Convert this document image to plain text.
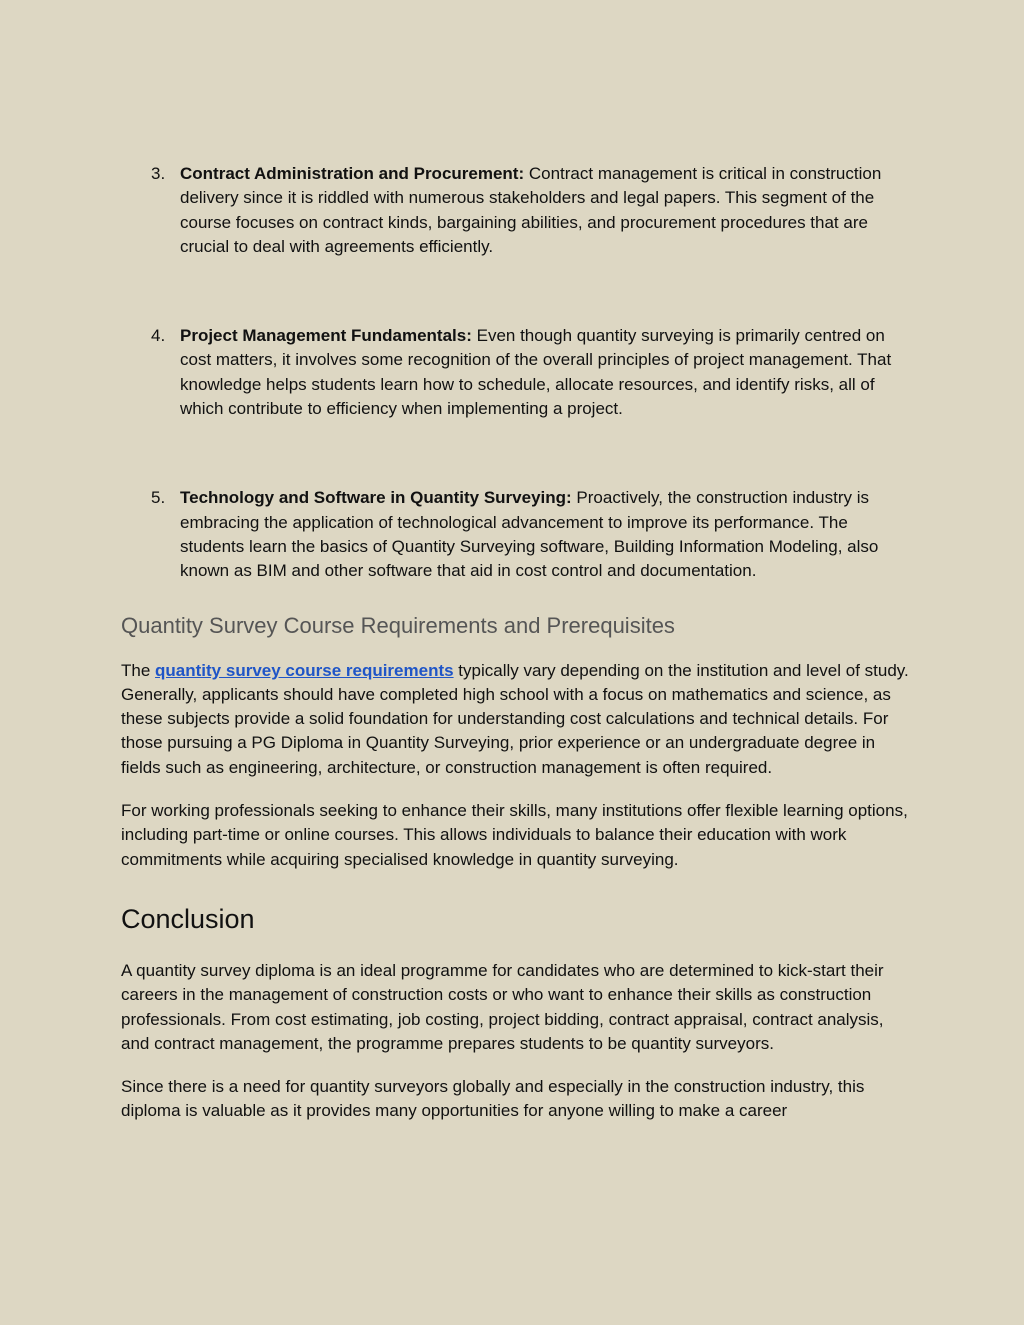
3. Contract Administration and Procurement: Contract management is critical in construction delivery since it is riddled with numerous stakeholders and legal papers. This segment of the course focuses on contract kinds, bargaining abilities, and procurement procedures that are crucial to deal with agreements efficiently.
4. Project Management Fundamentals: Even though quantity surveying is primarily centred on cost matters, it involves some recognition of the overall principles of project management. That knowledge helps students learn how to schedule, allocate resources, and identify risks, all of which contribute to efficiency when implementing a project.
5. Technology and Software in Quantity Surveying: Proactively, the construction industry is embracing the application of technological advancement to improve its performance. The students learn the basics of Quantity Surveying software, Building Information Modeling, also known as BIM and other software that aid in cost control and documentation.
Quantity Survey Course Requirements and Prerequisites

The quantity survey course requirements typically vary depending on the institution and level of study. Generally, applicants should have completed high school with a focus on mathematics and science, as these subjects provide a solid foundation for understanding cost calculations and technical details. For those pursuing a PG Diploma in Quantity Surveying, prior experience or an undergraduate degree in fields such as engineering, architecture, or construction management is often required.

For working professionals seeking to enhance their skills, many institutions offer flexible learning options, including part-time or online courses. This allows individuals to balance their education with work commitments while acquiring specialised knowledge in quantity surveying.

Conclusion

A quantity survey diploma is an ideal programme for candidates who are determined to kick-start their careers in the management of construction costs or who want to enhance their skills as construction professionals. From cost estimating, job costing, project bidding, contract appraisal, contract analysis, and contract management, the programme prepares students to be quantity surveyors.

Since there is a need for quantity surveyors globally and especially in the construction industry, this diploma is valuable as it provides many opportunities for anyone willing to make a career
